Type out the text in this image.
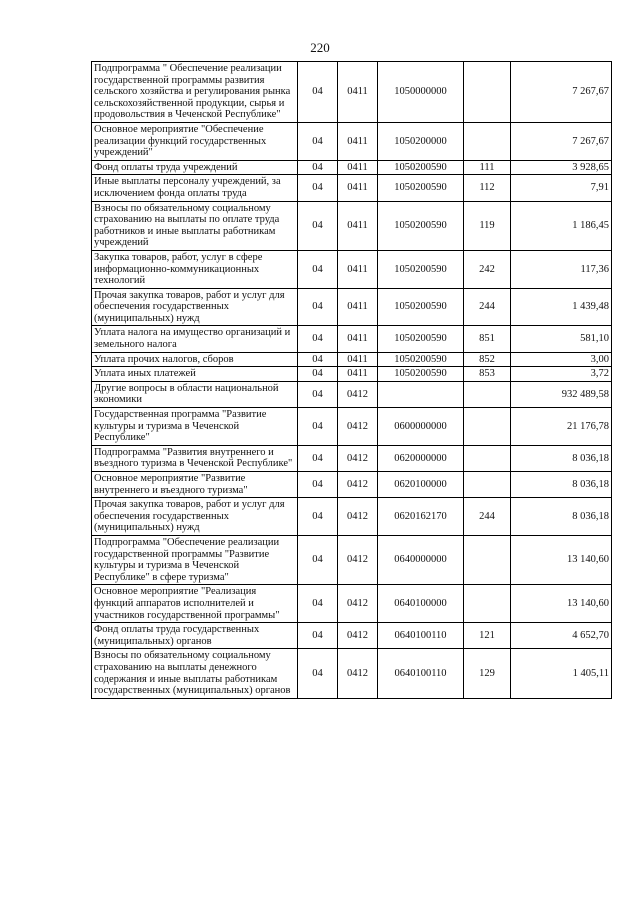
220
Подпрограмма " Обеспечение реализации государственной программы развития сельского хозяйства и регулирования рынка сельскохозяйственной продукции, сырья и продовольствия в Чеченской Республике"	04	0411	1050000000		7 267,67
Основное мероприятие "Обеспечение реализации функций государственных учреждений"	04	0411	1050200000		7 267,67
Фонд оплаты труда учреждений	04	0411	1050200590	111	3 928,65
Иные выплаты персоналу учреждений, за исключением фонда оплаты труда	04	0411	1050200590	112	7,91
Взносы по обязательному социальному страхованию на выплаты по оплате труда работников и иные выплаты работникам учреждений	04	0411	1050200590	119	1 186,45
Закупка товаров, работ, услуг в сфере информационно-коммуникационных технологий	04	0411	1050200590	242	117,36
Прочая закупка товаров, работ и услуг для обеспечения государственных (муниципальных) нужд	04	0411	1050200590	244	1 439,48
Уплата налога на имущество организаций и земельного налога	04	0411	1050200590	851	581,10
Уплата прочих налогов, сборов	04	0411	1050200590	852	3,00
Уплата иных платежей	04	0411	1050200590	853	3,72
Другие вопросы в области национальной экономики	04	0412			932 489,58
Государственная программа "Развитие культуры и туризма в Чеченской Республике"	04	0412	0600000000		21 176,78
Подпрограмма "Развития внутреннего и въездного туризма в Чеченской Республике"	04	0412	0620000000		8 036,18
Основное мероприятие "Развитие внутреннего и въездного туризма"	04	0412	0620100000		8 036,18
Прочая закупка товаров, работ и услуг для обеспечения государственных (муниципальных) нужд	04	0412	0620162170	244	8 036,18
Подпрограмма "Обеспечение реализации государственной программы "Развитие культуры и туризма в Чеченской Республике" в сфере туризма"	04	0412	0640000000		13 140,60
Основное мероприятие "Реализация функций аппаратов исполнителей и участников государственной программы"	04	0412	0640100000		13 140,60
Фонд оплаты труда государственных (муниципальных) органов	04	0412	0640100110	121	4 652,70
Взносы по обязательному социальному страхованию на выплаты денежного содержания и иные выплаты работникам государственных (муниципальных) органов	04	0412	0640100110	129	1 405,11
